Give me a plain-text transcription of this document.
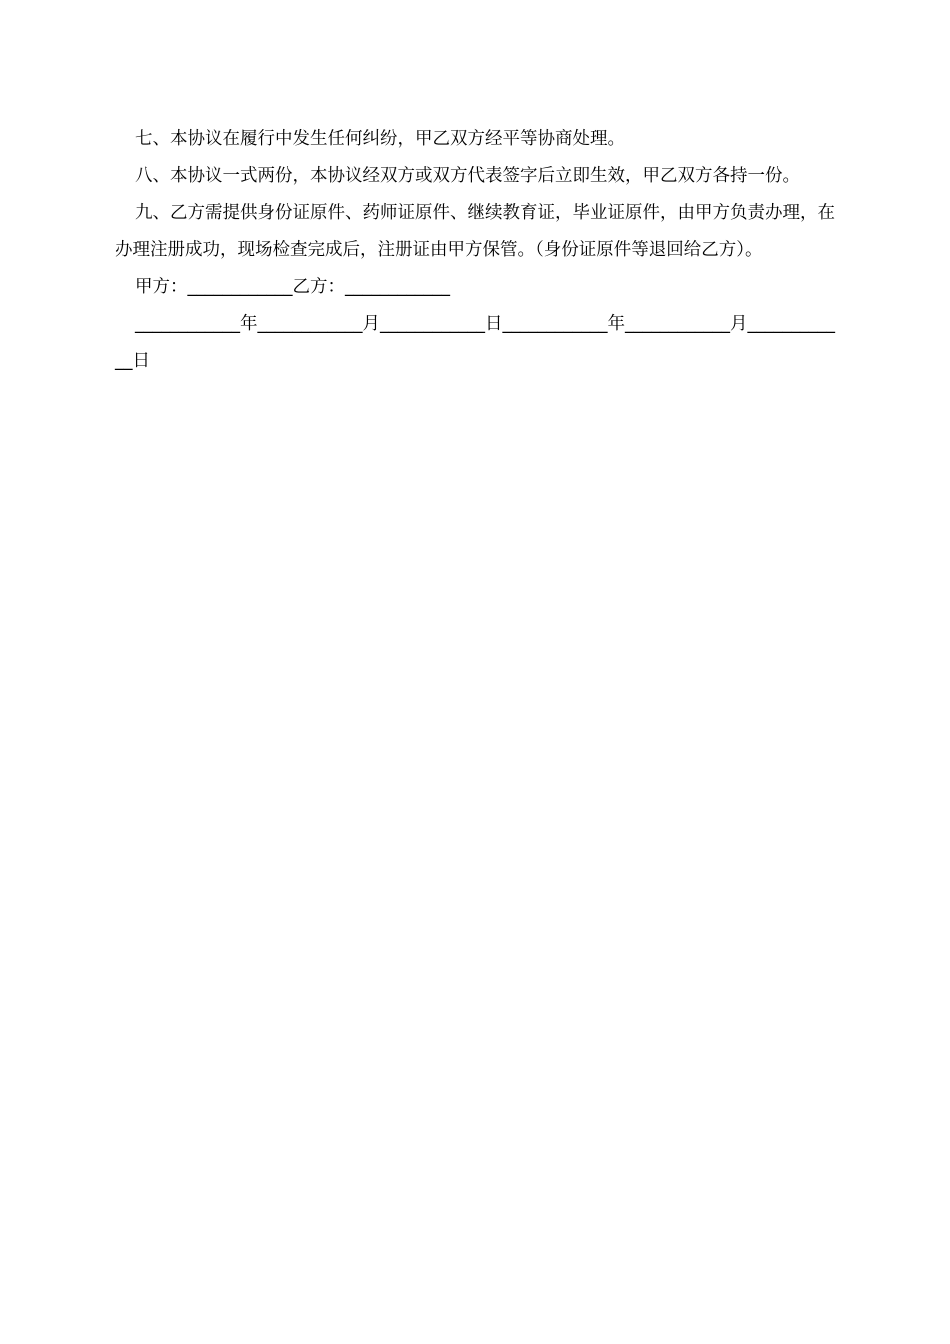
七、本协议在履行中发生任何纠纷，甲乙双方经平等协商处理。

八、本协议一式两份，本协议经双方或双方代表签字后立即生效，甲乙双方各持一份。

九、乙方需提供身份证原件、药师证原件、继续教育证，毕业证原件，由甲方负责办理，在办理注册成功，现场检查完成后，注册证由甲方保管。（身份证原件等退回给乙方）。

甲方：____________乙方：____________

____________年____________月____________日____________年____________月____________日
